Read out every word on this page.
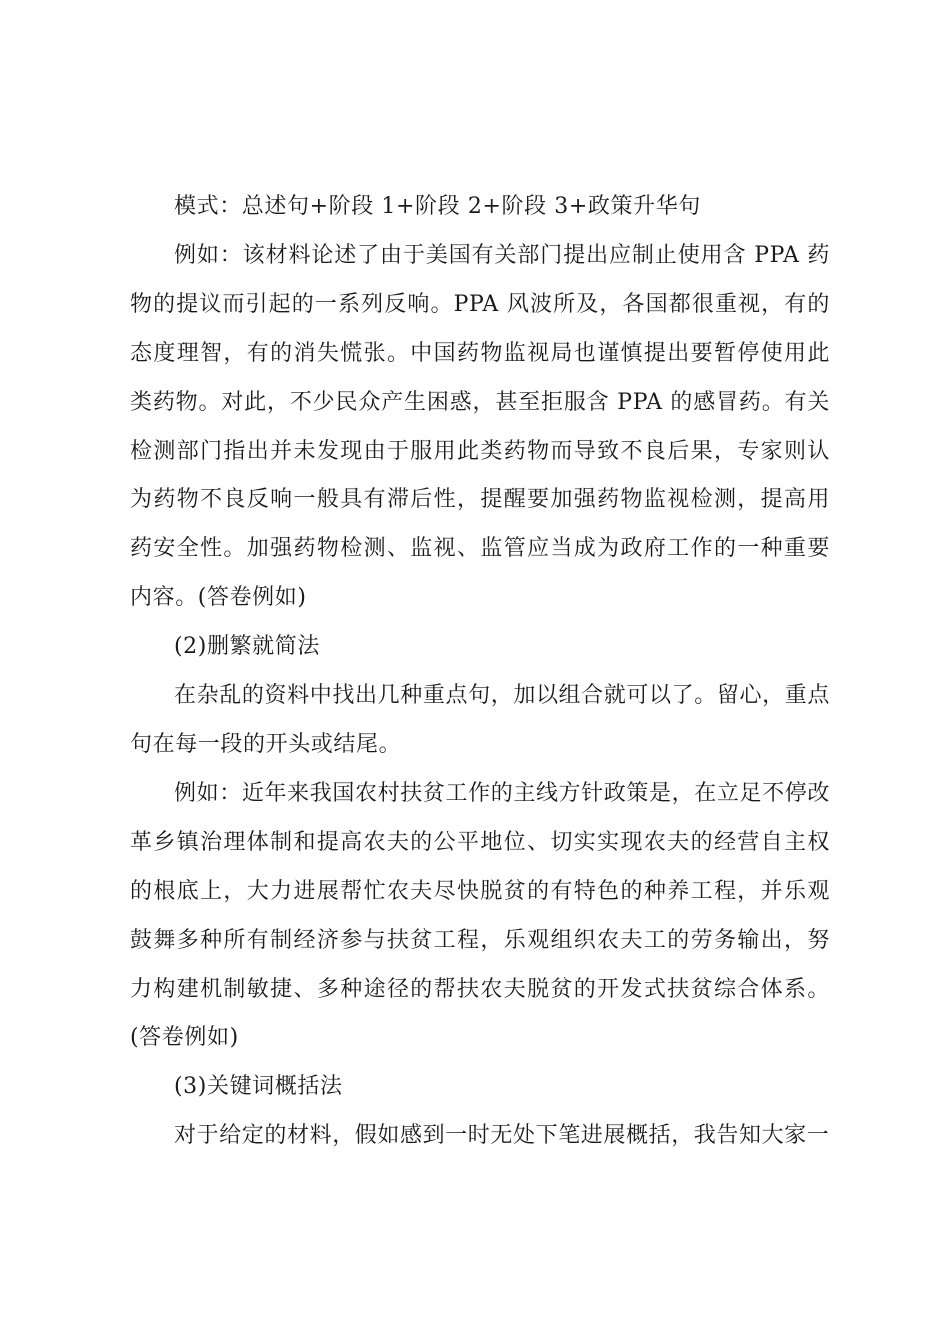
模式：总述句+阶段 1+阶段 2+阶段 3+政策升华句

例如：该材料论述了由于美国有关部门提出应制止使用含 PPA 药物的提议而引起的一系列反响。PPA 风波所及，各国都很重视，有的态度理智，有的消失慌张。中国药物监视局也谨慎提出要暂停使用此类药物。对此，不少民众产生困惑，甚至拒服含 PPA 的感冒药。有关检测部门指出并未发现由于服用此类药物而导致不良后果，专家则认为药物不良反响一般具有滞后性，提醒要加强药物监视检测，提高用药安全性。加强药物检测、监视、监管应当成为政府工作的一种重要内容。(答卷例如)

(2)删繁就简法

在杂乱的资料中找出几种重点句，加以组合就可以了。留心，重点句在每一段的开头或结尾。

例如：近年来我国农村扶贫工作的主线方针政策是，在立足不停改革乡镇治理体制和提高农夫的公平地位、切实实现农夫的经营自主权的根底上，大力进展帮忙农夫尽快脱贫的有特色的种养工程，并乐观鼓舞多种所有制经济参与扶贫工程，乐观组织农夫工的劳务输出，努力构建机制敏捷、多种途径的帮扶农夫脱贫的开发式扶贫综合体系。(答卷例如)

(3)关键词概括法

对于给定的材料，假如感到一时无处下笔进展概括，我告知大家一
